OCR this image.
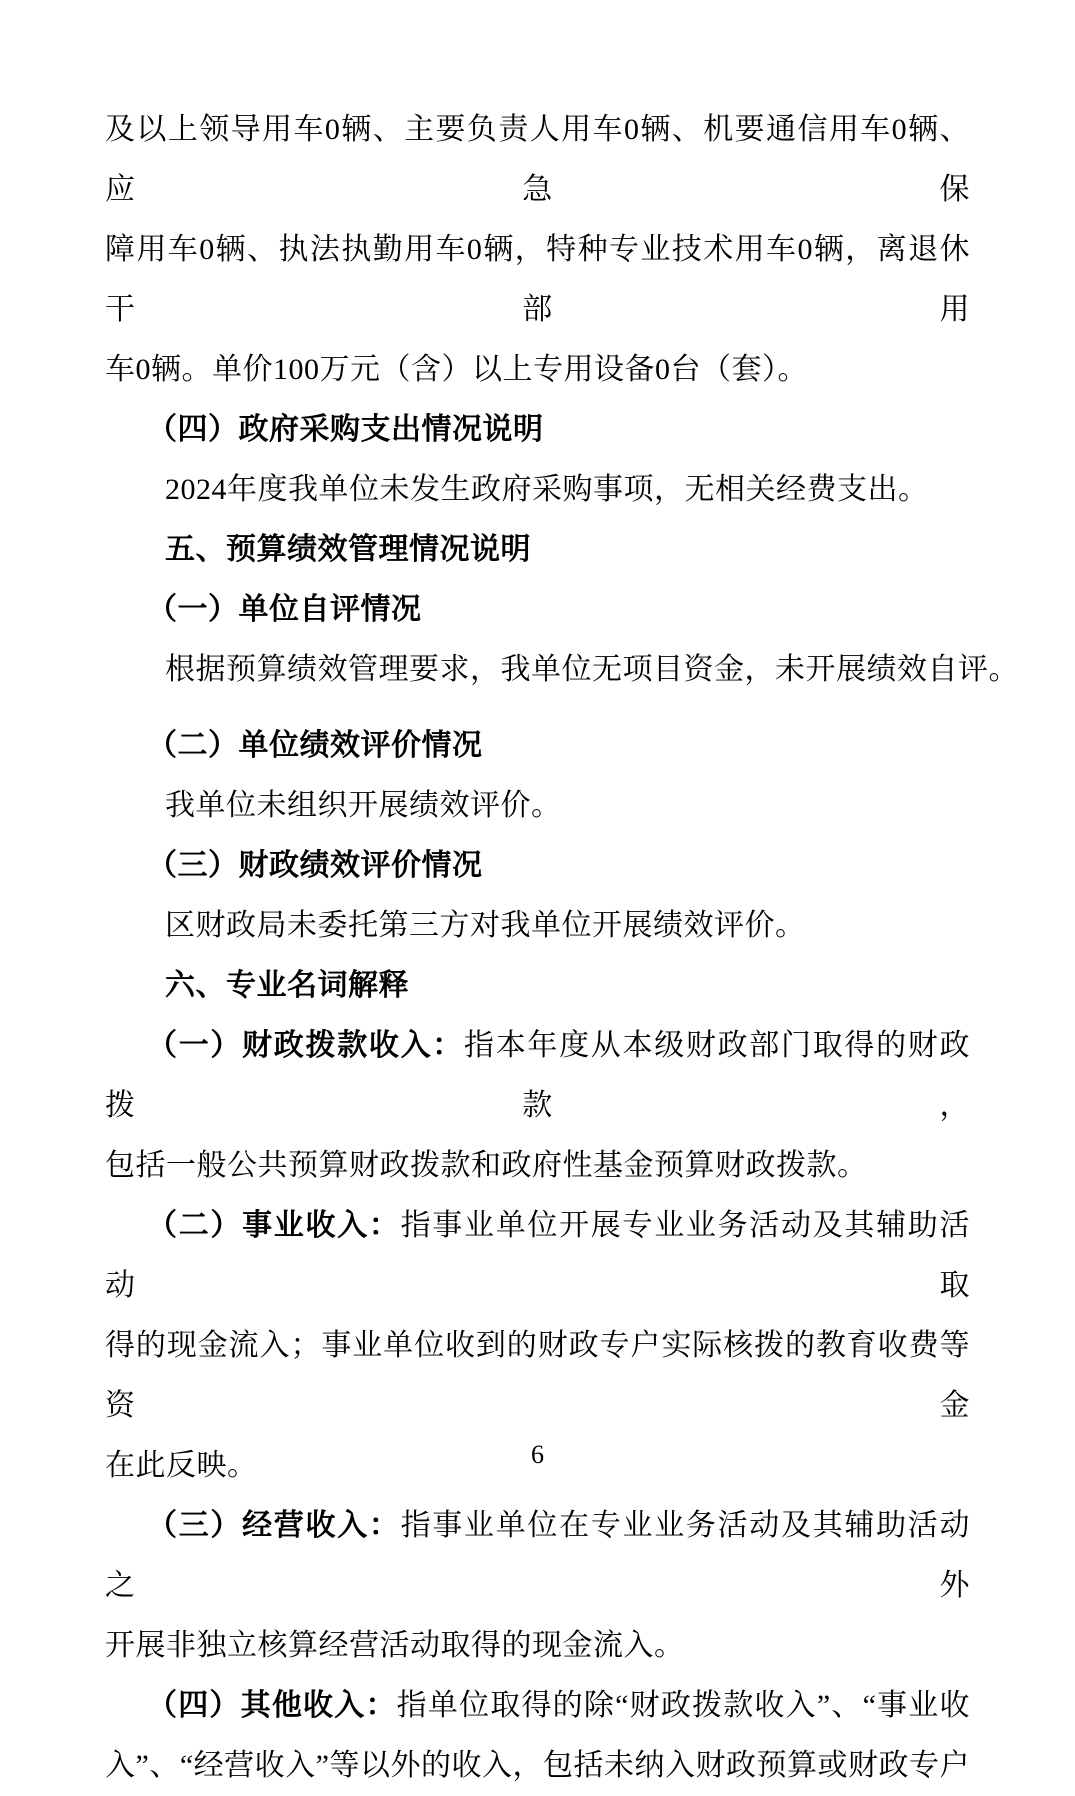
及以上领导用车0辆、主要负责人用车0辆、机要通信用车0辆、应急保
障用车0辆、执法执勤用车0辆，特种专业技术用车0辆，离退休干部用
车0辆。单价100万元（含）以上专用设备0台（套）。
（四）政府采购支出情况说明
2024年度我单位未发生政府采购事项，无相关经费支出。
五、预算绩效管理情况说明
（一）单位自评情况
根据预算绩效管理要求，我单位无项目资金，未开展绩效自评。
（二）单位绩效评价情况
我单位未组织开展绩效评价。
（三）财政绩效评价情况
区财政局未委托第三方对我单位开展绩效评价。
六、专业名词解释
（一）财政拨款收入：指本年度从本级财政部门取得的财政拨款，
包括一般公共预算财政拨款和政府性基金预算财政拨款。
（二）事业收入：指事业单位开展专业业务活动及其辅助活动取
得的现金流入；事业单位收到的财政专户实际核拨的教育收费等资金
在此反映。
（三）经营收入：指事业单位在专业业务活动及其辅助活动之外
开展非独立核算经营活动取得的现金流入。
（四）其他收入：指单位取得的除“财政拨款收入”、“事业收
入”、“经营收入”等以外的收入，包括未纳入财政预算或财政专户
6
